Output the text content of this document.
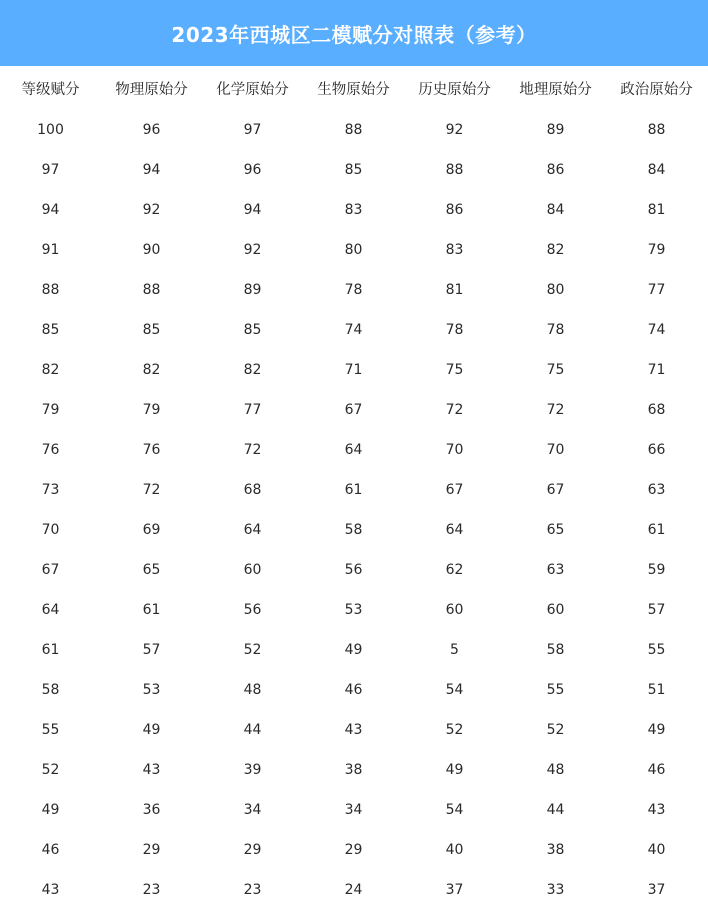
2023年西城区二模赋分对照表（参考）
等级赋分	物理原始分	化学原始分	生物原始分	历史原始分	地理原始分	政治原始分
100	96	97	88	92	89	88
97	94	96	85	88	86	84
94	92	94	83	86	84	81
91	90	92	80	83	82	79
88	88	89	78	81	80	77
85	85	85	74	78	78	74
82	82	82	71	75	75	71
79	79	77	67	72	72	68
76	76	72	64	70	70	66
73	72	68	61	67	67	63
70	69	64	58	64	65	61
67	65	60	56	62	63	59
64	61	56	53	60	60	57
61	57	52	49	5	58	55
58	53	48	46	54	55	51
55	49	44	43	52	52	49
52	43	39	38	49	48	46
49	36	34	34	54	44	43
46	29	29	29	40	38	40
43	23	23	24	37	33	37
